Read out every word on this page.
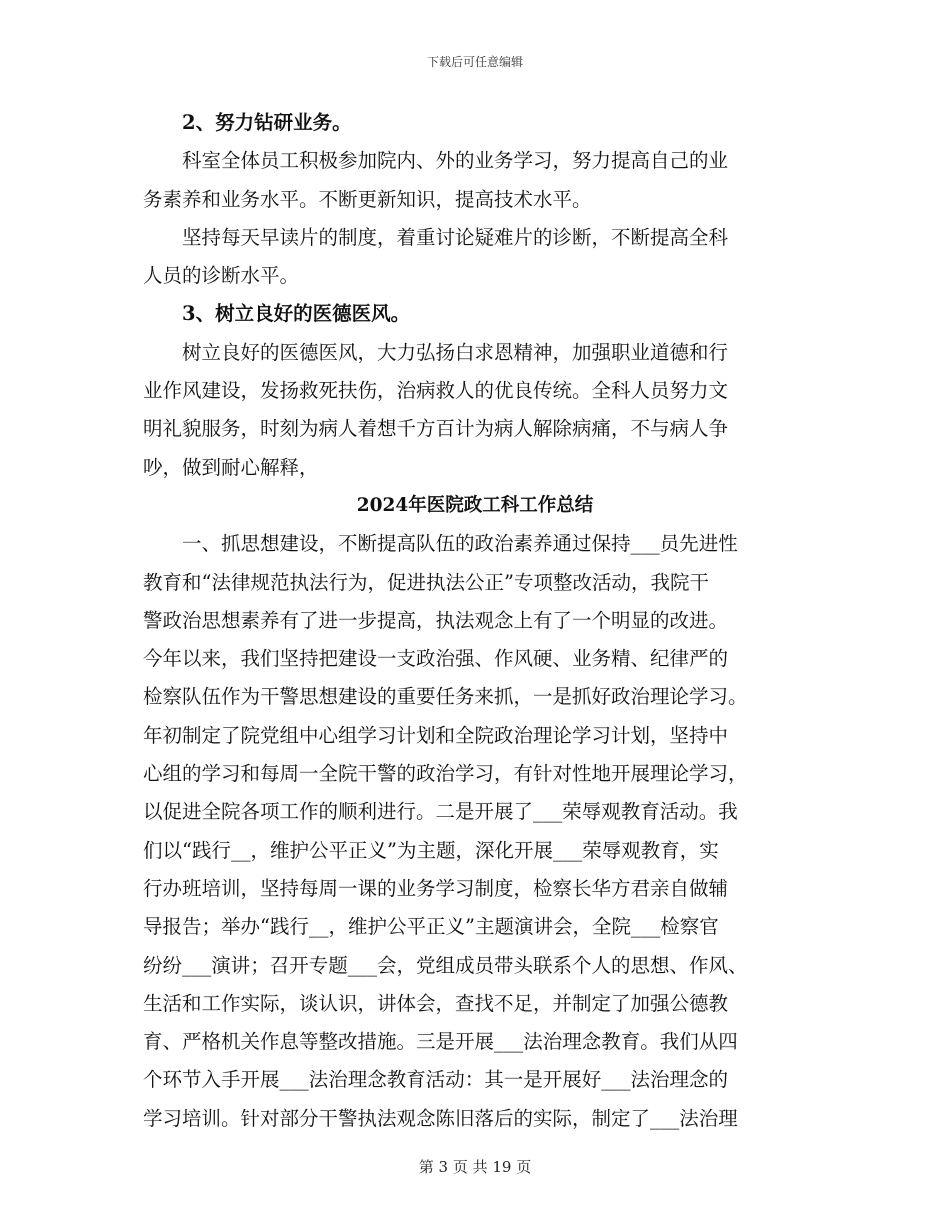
下载后可任意编辑
　　2、努力钻研业务。
　　科室全体员工积极参加院内、外的业务学习，努力提高自己的业
务素养和业务水平。不断更新知识，提高技术水平。
　　坚持每天早读片的制度，着重讨论疑难片的诊断，不断提高全科
人员的诊断水平。
　　3、树立良好的医德医风。
　　树立良好的医德医风，大力弘扬白求恩精神，加强职业道德和行
业作风建设，发扬救死扶伤，治病救人的优良传统。全科人员努力文
明礼貌服务，时刻为病人着想千方百计为病人解除病痛，不与病人争
吵，做到耐心解释，
2024年医院政工科工作总结
　　一、抓思想建设，不断提高队伍的政治素养通过保持___员先进性
教育和“法律规范执法行为，促进执法公正”专项整改活动，我院干
警政治思想素养有了进一步提高，执法观念上有了一个明显的改进。
今年以来，我们坚持把建设一支政治强、作风硬、业务精、纪律严的
检察队伍作为干警思想建设的重要任务来抓，一是抓好政治理论学习。
年初制定了院党组中心组学习计划和全院政治理论学习计划，坚持中
心组的学习和每周一全院干警的政治学习，有针对性地开展理论学习，
以促进全院各项工作的顺利进行。二是开展了___荣辱观教育活动。我
们以“践行__，维护公平正义”为主题，深化开展___荣辱观教育，实
行办班培训，坚持每周一课的业务学习制度，检察长华方君亲自做辅
导报告；举办“践行__，维护公平正义”主题演讲会，全院___检察官
纷纷___演讲；召开专题___会，党组成员带头联系个人的思想、作风、
生活和工作实际，谈认识，讲体会，查找不足，并制定了加强公德教
育、严格机关作息等整改措施。三是开展___法治理念教育。我们从四
个环节入手开展___法治理念教育活动：其一是开展好___法治理念的
学习培训。针对部分干警执法观念陈旧落后的实际，制定了___法治理
第 3 页 共 19 页
